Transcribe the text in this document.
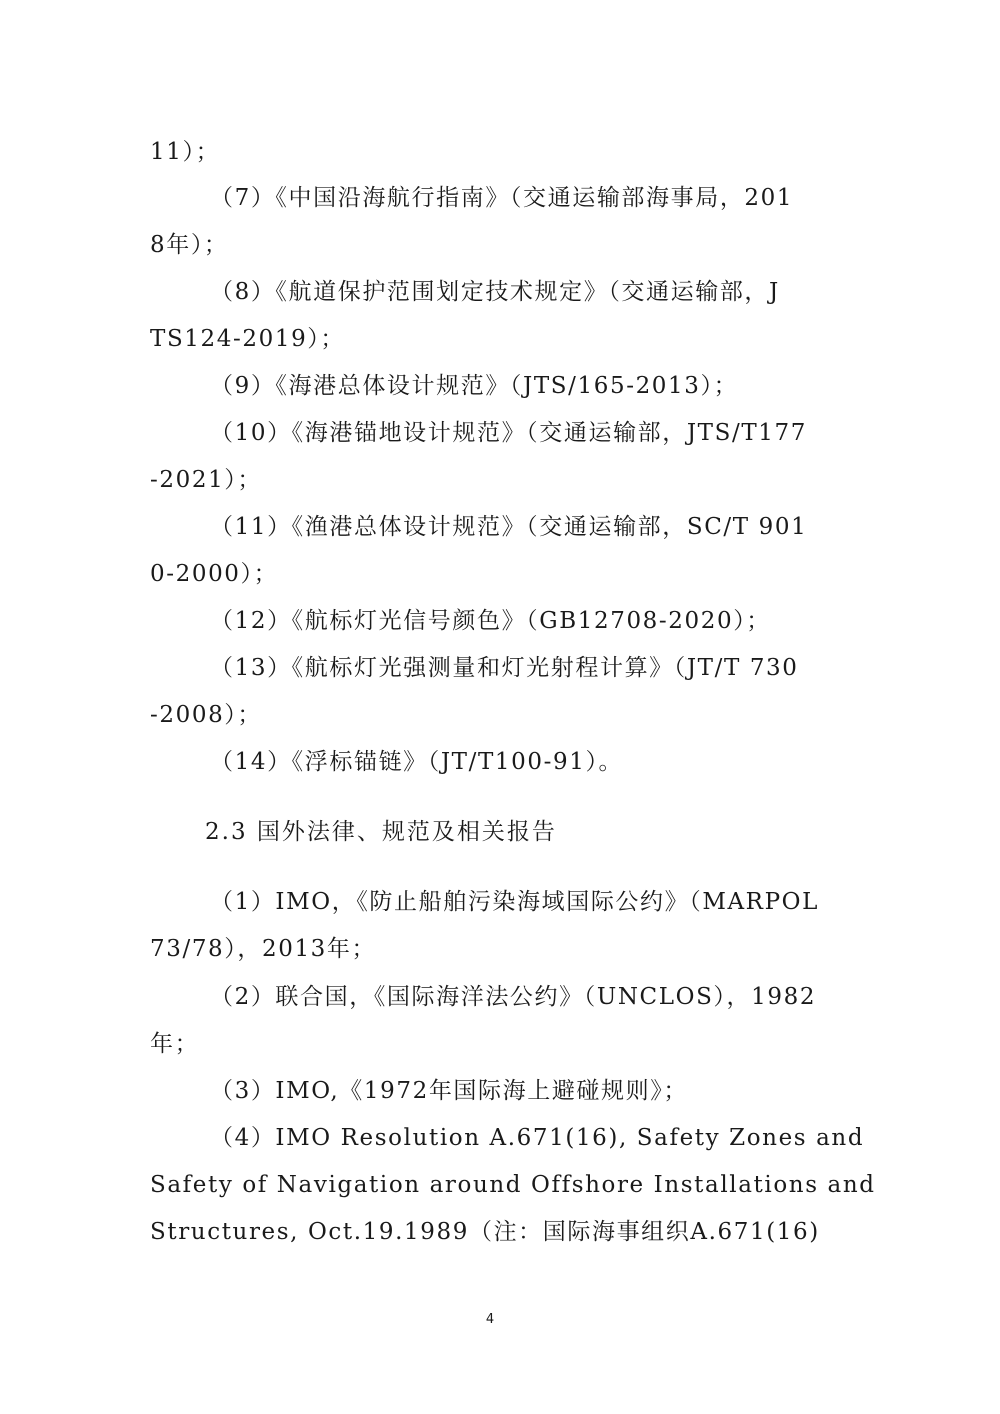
11）；

（7）《中国沿海航行指南》（交通运输部海事局，201

8年）；

（8）《航道保护范围划定技术规定》（交通运输部，J

TS124-2019）；

（9）《海港总体设计规范》（JTS/165-2013）；

（10）《海港锚地设计规范》（交通运输部，JTS/T177

-2021）；

（11）《渔港总体设计规范》（交通运输部，SC/T 901

0-2000）；

（12）《航标灯光信号颜色》（GB12708-2020）；

（13）《航标灯光强测量和灯光射程计算》（JT/T 730

-2008）；

（14）《浮标锚链》（JT/T100-91）。

2.3 国外法律、规范及相关报告

（1）IMO，《防止船舶污染海域国际公约》（MARPOL

73/78），2013年；

（2）联合国，《国际海洋法公约》（UNCLOS），1982

年；

（3）IMO,《1972年国际海上避碰规则》；

（4）IMO Resolution A.671(16), Safety Zones and

Safety of Navigation around Offshore Installations and

Structures, Oct.19.1989（注：国际海事组织A.671(16)

4
